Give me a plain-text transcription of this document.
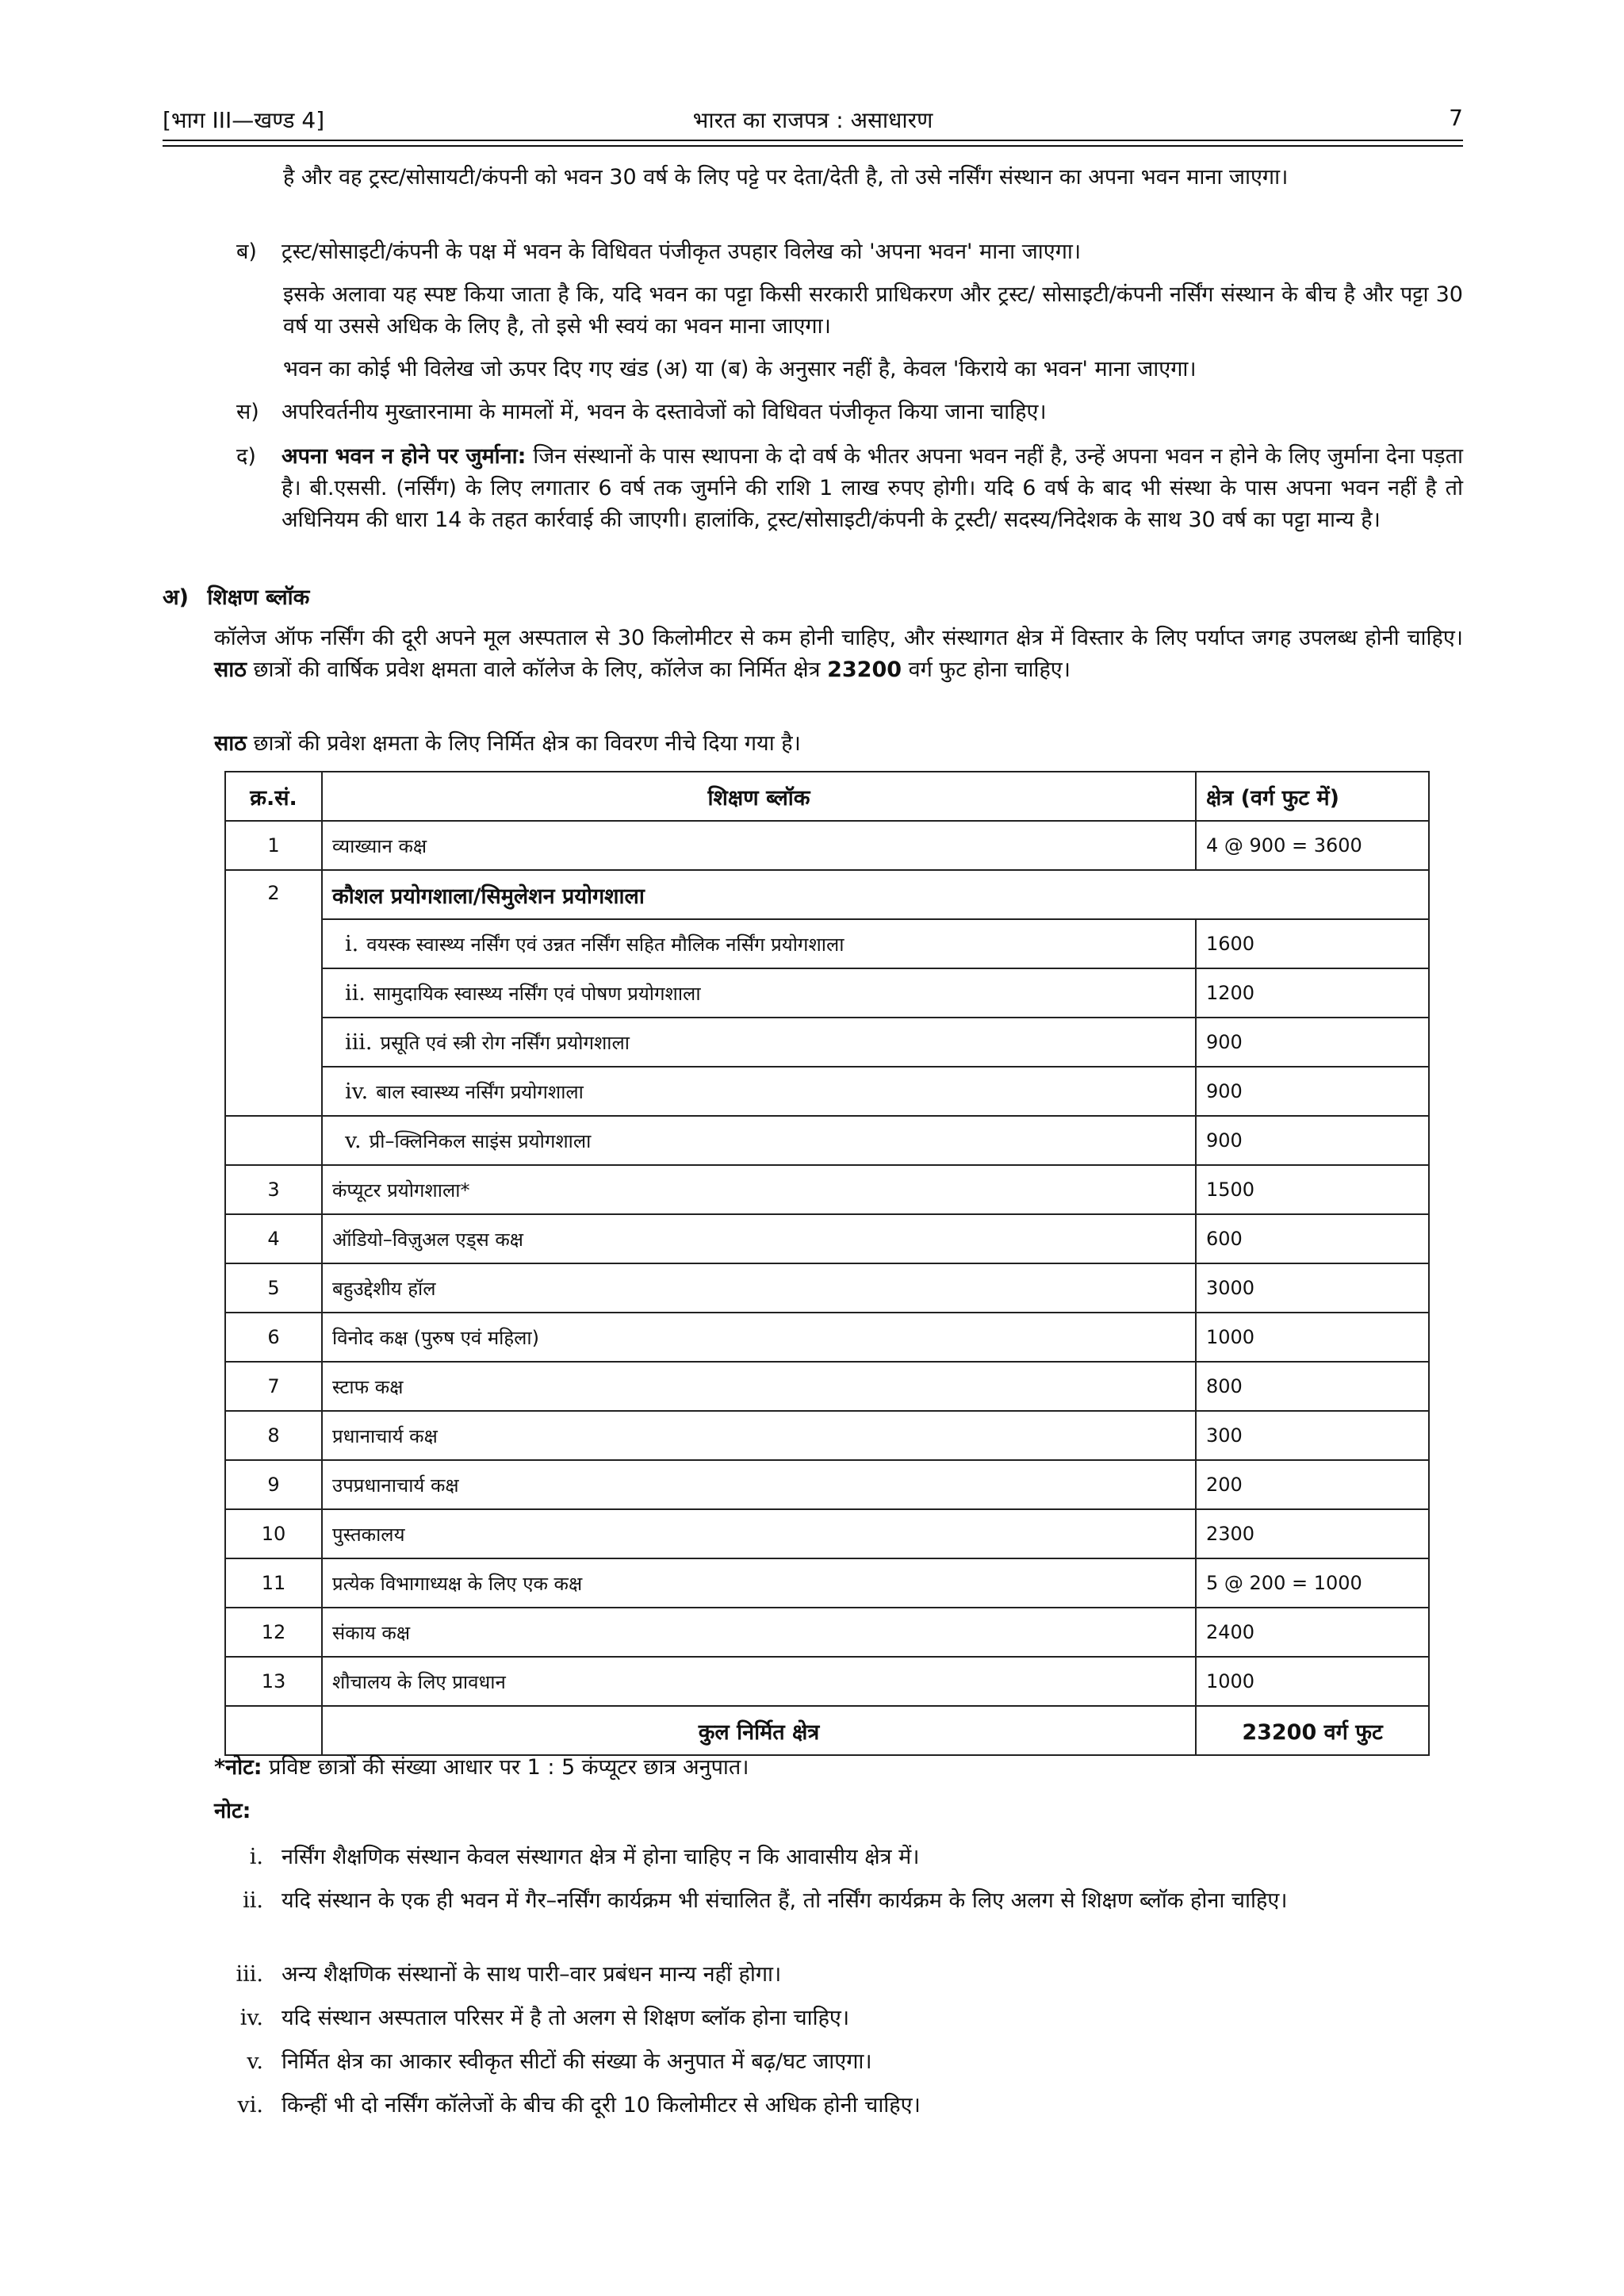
[भाग III—खण्ड 4]	भारत का राजपत्र : असाधारण	7
है और वह ट्रस्ट/सोसायटी/कंपनी को भवन 30 वर्ष के लिए पट्टे पर देता/देती है, तो उसे नर्सिंग संस्थान का अपना भवन माना जाएगा।
ब) ट्रस्ट/सोसाइटी/कंपनी के पक्ष में भवन के विधिवत पंजीकृत उपहार विलेख को 'अपना भवन' माना जाएगा।
इसके अलावा यह स्पष्ट किया जाता है कि, यदि भवन का पट्टा किसी सरकारी प्राधिकरण और ट्रस्ट/ सोसाइटी/कंपनी नर्सिंग संस्थान के बीच है और पट्टा 30 वर्ष या उससे अधिक के लिए है, तो इसे भी स्वयं का भवन माना जाएगा।
भवन का कोई भी विलेख जो ऊपर दिए गए खंड (अ) या (ब) के अनुसार नहीं है, केवल 'किराये का भवन' माना जाएगा।
स) अपरिवर्तनीय मुख्तारनामा के मामलों में, भवन के दस्तावेजों को विधिवत पंजीकृत किया जाना चाहिए।
द) अपना भवन न होने पर जुर्माना: जिन संस्थानों के पास स्थापना के दो वर्ष के भीतर अपना भवन नहीं है, उन्हें अपना भवन न होने के लिए जुर्माना देना पड़ता है। बी.एससी. (नर्सिंग) के लिए लगातार 6 वर्ष तक जुर्माने की राशि 1 लाख रुपए होगी। यदि 6 वर्ष के बाद भी संस्था के पास अपना भवन नहीं है तो अधिनियम की धारा 14 के तहत कार्रवाई की जाएगी। हालांकि, ट्रस्ट/सोसाइटी/कंपनी के ट्रस्टी/ सदस्य/निदेशक के साथ 30 वर्ष का पट्टा मान्य है।
अ) शिक्षण ब्लॉक
कॉलेज ऑफ नर्सिंग की दूरी अपने मूल अस्पताल से 30 किलोमीटर से कम होनी चाहिए, और संस्थागत क्षेत्र में विस्तार के लिए पर्याप्त जगह उपलब्ध होनी चाहिए।साठ छात्रों की वार्षिक प्रवेश क्षमता वाले कॉलेज के लिए, कॉलेज का निर्मित क्षेत्र 23200 वर्ग फुट होना चाहिए।
साठ छात्रों की प्रवेश क्षमता के लिए निर्मित क्षेत्र का विवरण नीचे दिया गया है।
क्र.सं.	शिक्षण ब्लॉक	क्षेत्र (वर्ग फुट में)
1	व्याख्यान कक्ष	4 @ 900 = 3600
2	कौशल प्रयोगशाला/सिमुलेशन प्रयोगशाला	
	i. वयस्क स्वास्थ्य नर्सिंग एवं उन्नत नर्सिंग सहित मौलिक नर्सिंग प्रयोगशाला	1600
	ii. सामुदायिक स्वास्थ्य नर्सिंग एवं पोषण प्रयोगशाला	1200
	iii. प्रसूति एवं स्त्री रोग नर्सिंग प्रयोगशाला	900
	iv. बाल स्वास्थ्य नर्सिंग प्रयोगशाला	900
	v. प्री–क्लिनिकल साइंस प्रयोगशाला	900
3	कंप्यूटर प्रयोगशाला*	1500
4	ऑडियो–विज़ुअल एड्स कक्ष	600
5	बहुउद्देशीय हॉल	3000
6	विनोद कक्ष (पुरुष एवं महिला)	1000
7	स्टाफ कक्ष	800
8	प्रधानाचार्य कक्ष	300
9	उपप्रधानाचार्य कक्ष	200
10	पुस्तकालय	2300
11	प्रत्येक विभागाध्यक्ष के लिए एक कक्ष	5 @ 200 = 1000
12	संकाय कक्ष	2400
13	शौचालय के लिए प्रावधान	1000
	कुल निर्मित क्षेत्र	23200 वर्ग फुट
*नोट: प्रविष्ट छात्रों की संख्या आधार पर 1 : 5 कंप्यूटर छात्र अनुपात।
नोट:
i. नर्सिंग शैक्षणिक संस्थान केवल संस्थागत क्षेत्र में होना चाहिए न कि आवासीय क्षेत्र में।
ii. यदि संस्थान के एक ही भवन में गैर–नर्सिंग कार्यक्रम भी संचालित हैं, तो नर्सिंग कार्यक्रम के लिए अलग से शिक्षण ब्लॉक होना चाहिए।
iii. अन्य शैक्षणिक संस्थानों के साथ पारी–वार प्रबंधन मान्य नहीं होगा।
iv. यदि संस्थान अस्पताल परिसर में है तो अलग से शिक्षण ब्लॉक होना चाहिए।
v. निर्मित क्षेत्र का आकार स्वीकृत सीटों की संख्या के अनुपात में बढ़/घट जाएगा।
vi. किन्हीं भी दो नर्सिंग कॉलेजों के बीच की दूरी 10 किलोमीटर से अधिक होनी चाहिए।
